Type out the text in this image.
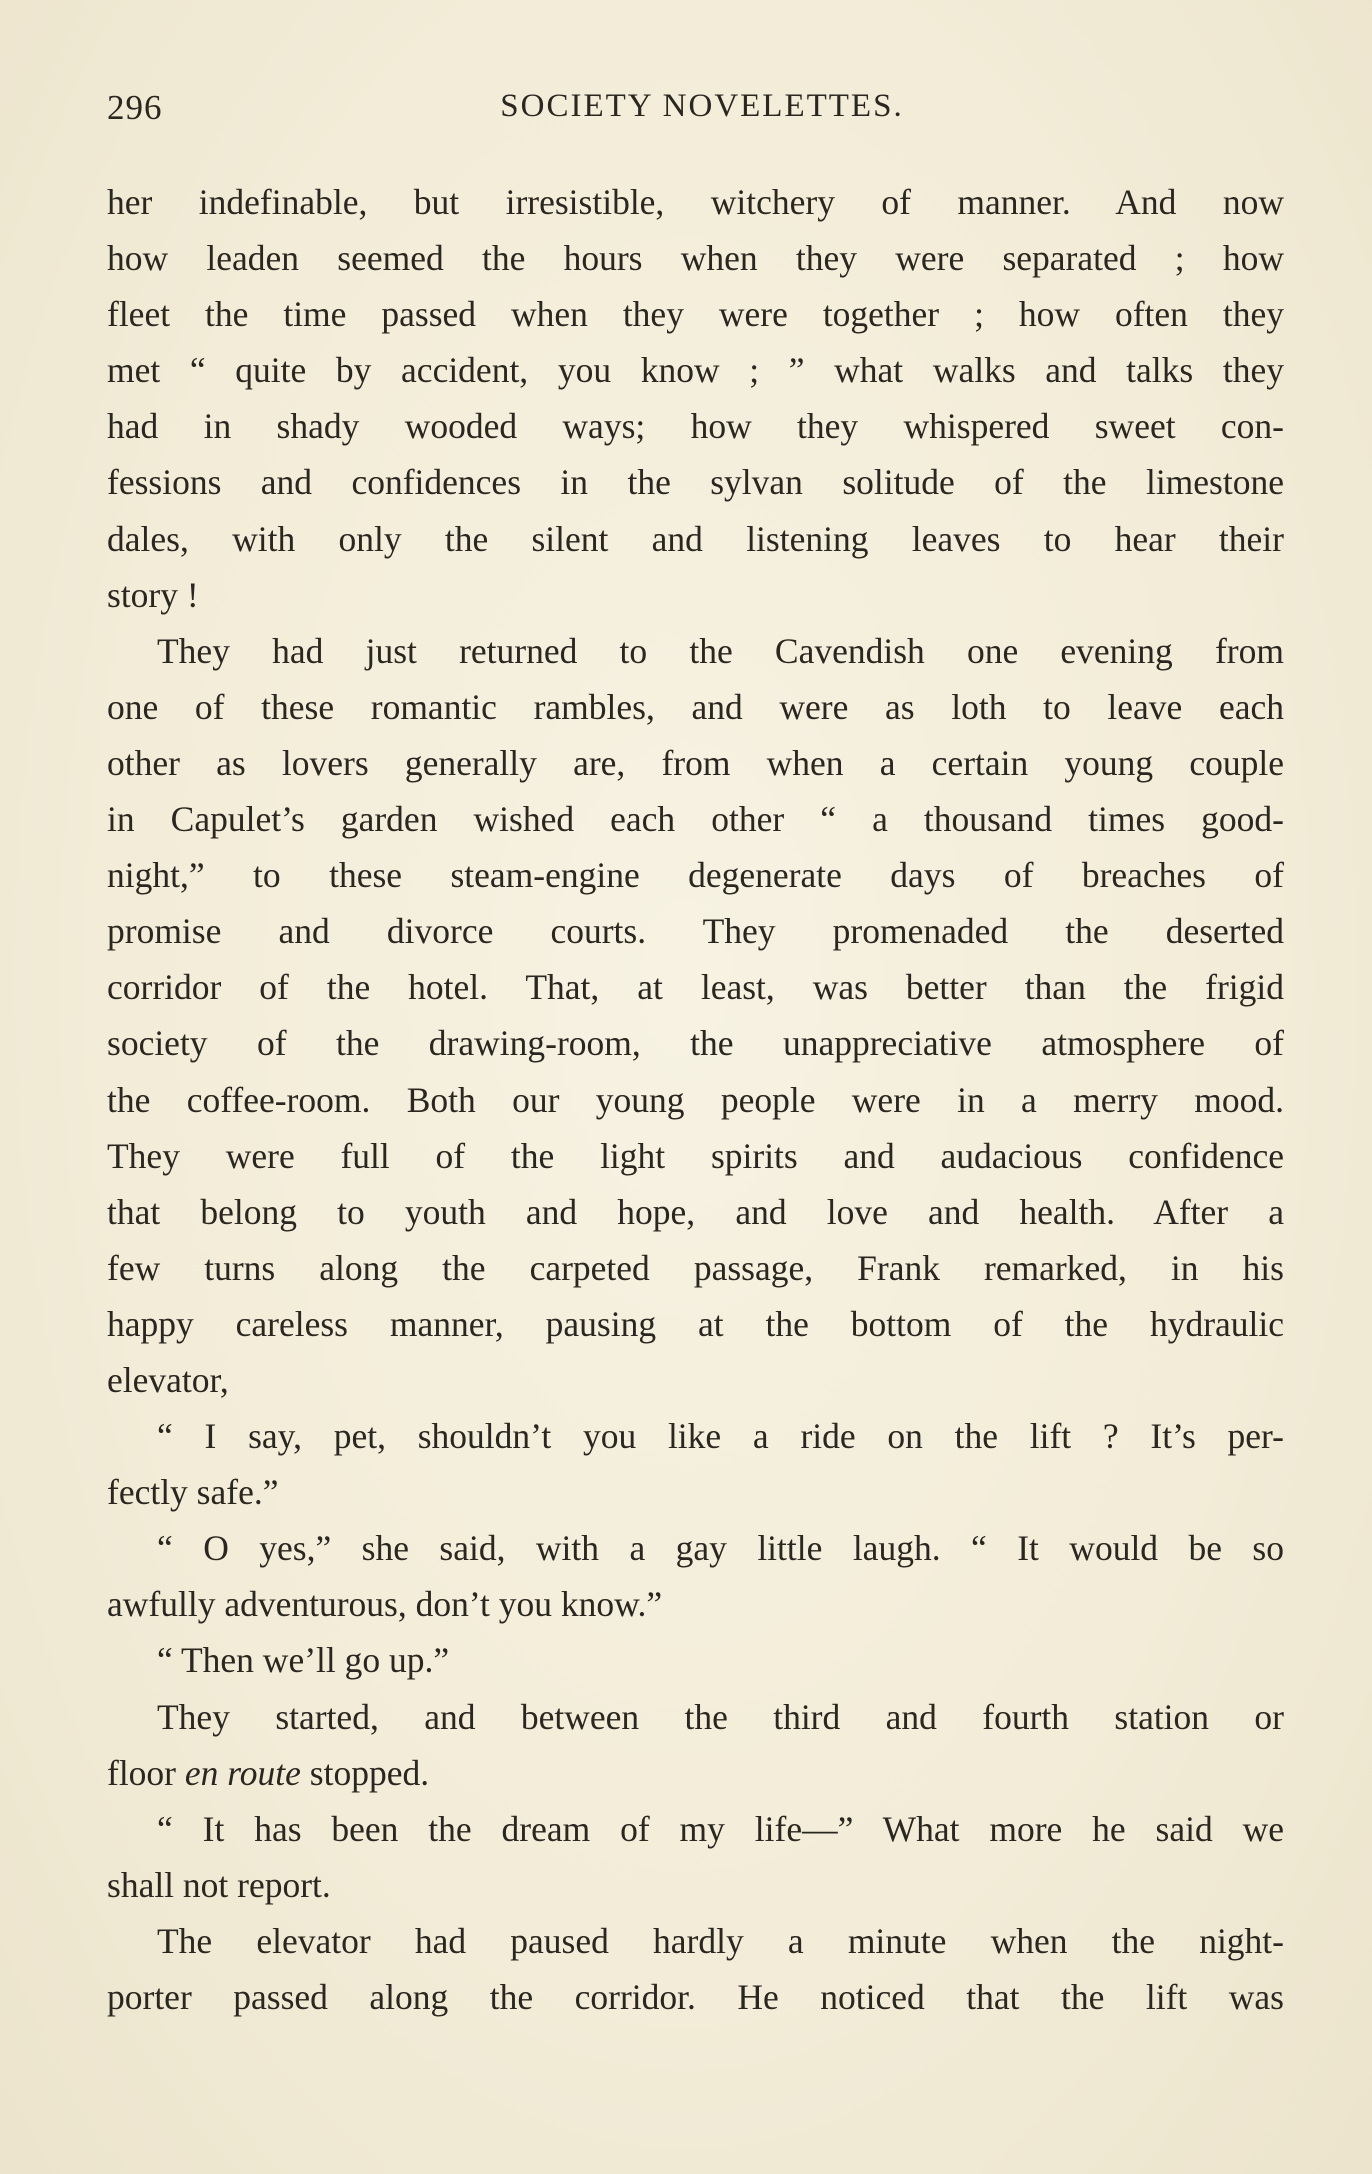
296	SOCIETY NOVELETTES.
her indefinable, but irresistible, witchery of manner. And now
how leaden seemed the hours when they were separated ; how
fleet the time passed when they were together ; how often they
met “ quite by accident, you know ; ” what walks and talks they
had in shady wooded ways; how they whispered sweet con-
fessions and confidences in the sylvan solitude of the limestone
dales, with only the silent and listening leaves to hear their
story !
They had just returned to the Cavendish one evening from
one of these romantic rambles, and were as loth to leave each
other as lovers generally are, from when a certain young couple
in Capulet’s garden wished each other “ a thousand times good-
night,” to these steam-engine degenerate days of breaches of
promise and divorce courts. They promenaded the deserted
corridor of the hotel. That, at least, was better than the frigid
society of the drawing-room, the unappreciative atmosphere of
the coffee-room. Both our young people were in a merry mood.
They were full of the light spirits and audacious confidence
that belong to youth and hope, and love and health. After a
few turns along the carpeted passage, Frank remarked, in his
happy careless manner, pausing at the bottom of the hydraulic
elevator,
“ I say, pet, shouldn’t you like a ride on the lift ? It’s per-
fectly safe.”
“ O yes,” she said, with a gay little laugh. “ It would be so
awfully adventurous, don’t you know.”
“ Then we’ll go up.”
They started, and between the third and fourth station or
floor en route stopped.
“ It has been the dream of my life—” What more he said we
shall not report.
The elevator had paused hardly a minute when the night-
porter passed along the corridor. He noticed that the lift was
